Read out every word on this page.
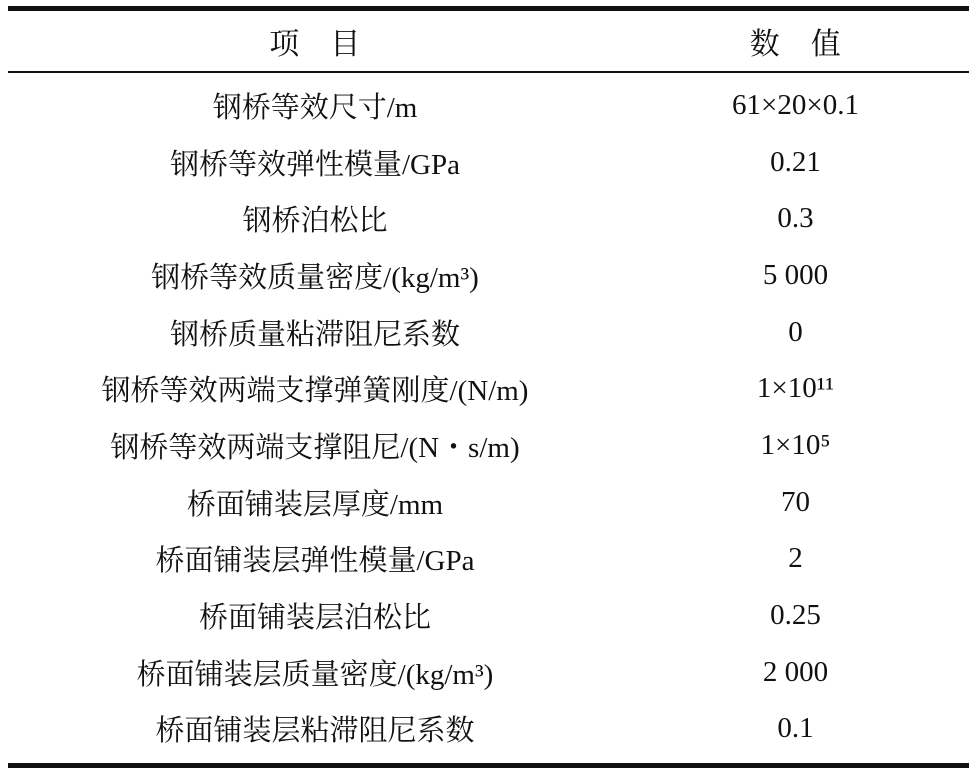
项　目	数　值
钢桥等效尺寸/m	61×20×0.1
钢桥等效弹性模量/GPa	0.21
钢桥泊松比	0.3
钢桥等效质量密度/(kg/m³)	5 000
钢桥质量粘滞阻尼系数	0
钢桥等效两端支撑弹簧刚度/(N/m)	1×10¹¹
钢桥等效两端支撑阻尼/(N・s/m)	1×10⁵
桥面铺装层厚度/mm	70
桥面铺装层弹性模量/GPa	2
桥面铺装层泊松比	0.25
桥面铺装层质量密度/(kg/m³)	2 000
桥面铺装层粘滞阻尼系数	0.1
